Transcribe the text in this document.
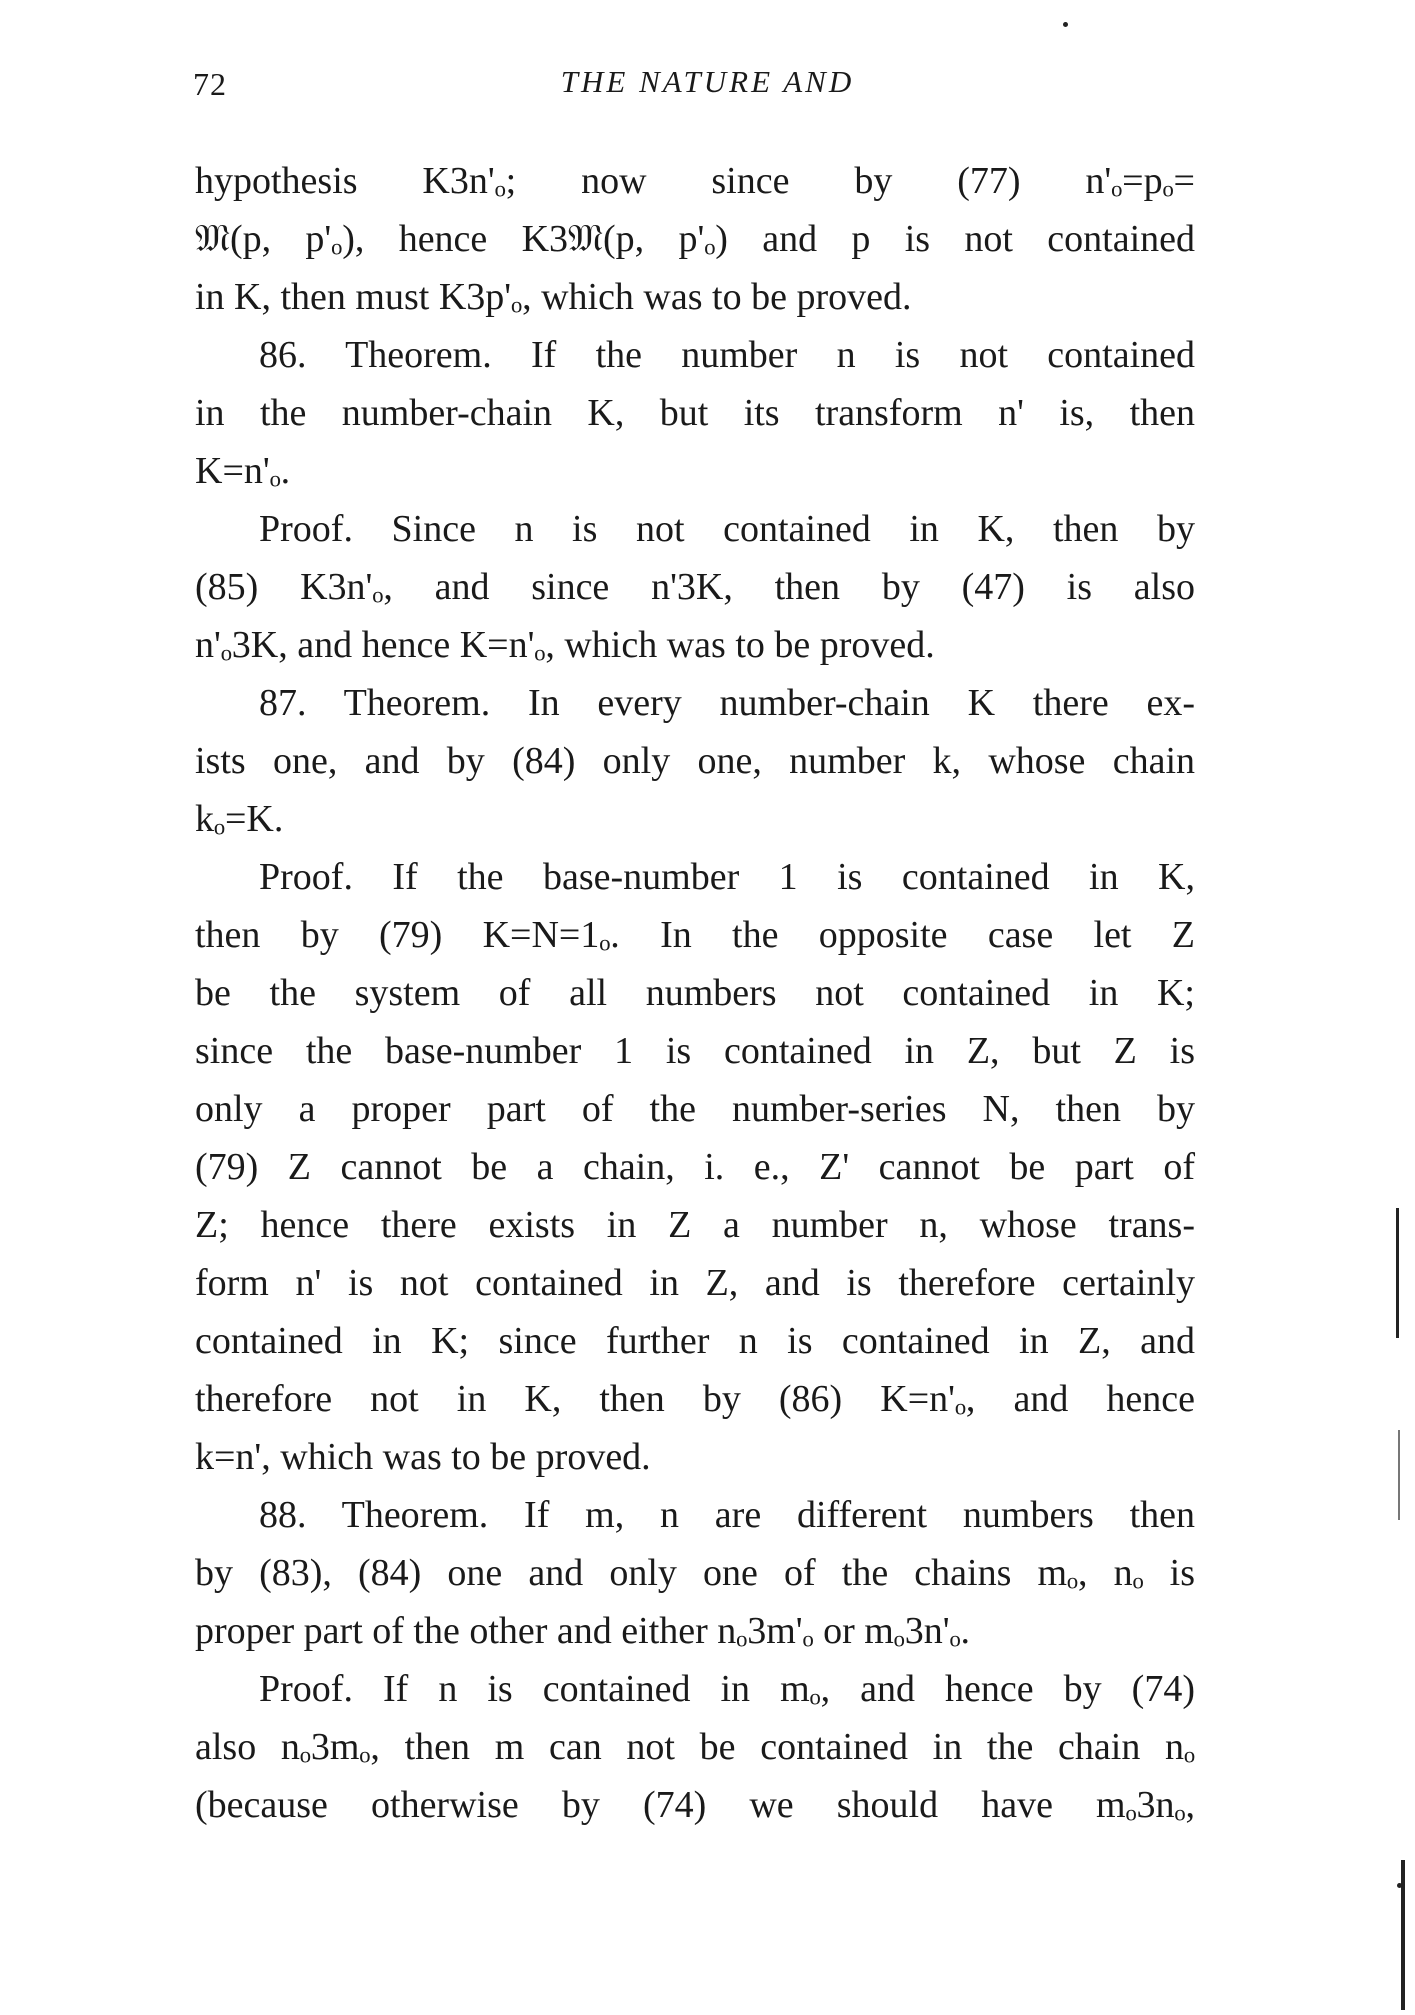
72	THE NATURE AND

hypothesis K3n'ₒ; now since by (77) n'ₒ=pₒ=

𝔐(p, p'ₒ), hence K3𝔐(p, p'ₒ) and p is not contained

in K, then must K3p'ₒ, which was to be proved.

86. Theorem. If the number n is not contained

in the number-chain K, but its transform n' is, then

K=n'ₒ.

Proof. Since n is not contained in K, then by

(85) K3n'ₒ, and since n'3K, then by (47) is also

n'ₒ3K, and hence K=n'ₒ, which was to be proved.

87. Theorem. In every number-chain K there ex-

ists one, and by (84) only one, number k, whose chain

kₒ=K.

Proof. If the base-number 1 is contained in K,

then by (79) K=N=1ₒ. In the opposite case let Z

be the system of all numbers not contained in K;

since the base-number 1 is contained in Z, but Z is

only a proper part of the number-series N, then by

(79) Z cannot be a chain, i. e., Z' cannot be part of

Z; hence there exists in Z a number n, whose trans-

form n' is not contained in Z, and is therefore certainly

contained in K; since further n is contained in Z, and

therefore not in K, then by (86) K=n'ₒ, and hence

k=n', which was to be proved.

88. Theorem. If m, n are different numbers then

by (83), (84) one and only one of the chains mₒ, nₒ is

proper part of the other and either nₒ3m'ₒ or mₒ3n'ₒ.

Proof. If n is contained in mₒ, and hence by (74)

also nₒ3mₒ, then m can not be contained in the chain nₒ

(because otherwise by (74) we should have mₒ3nₒ,
